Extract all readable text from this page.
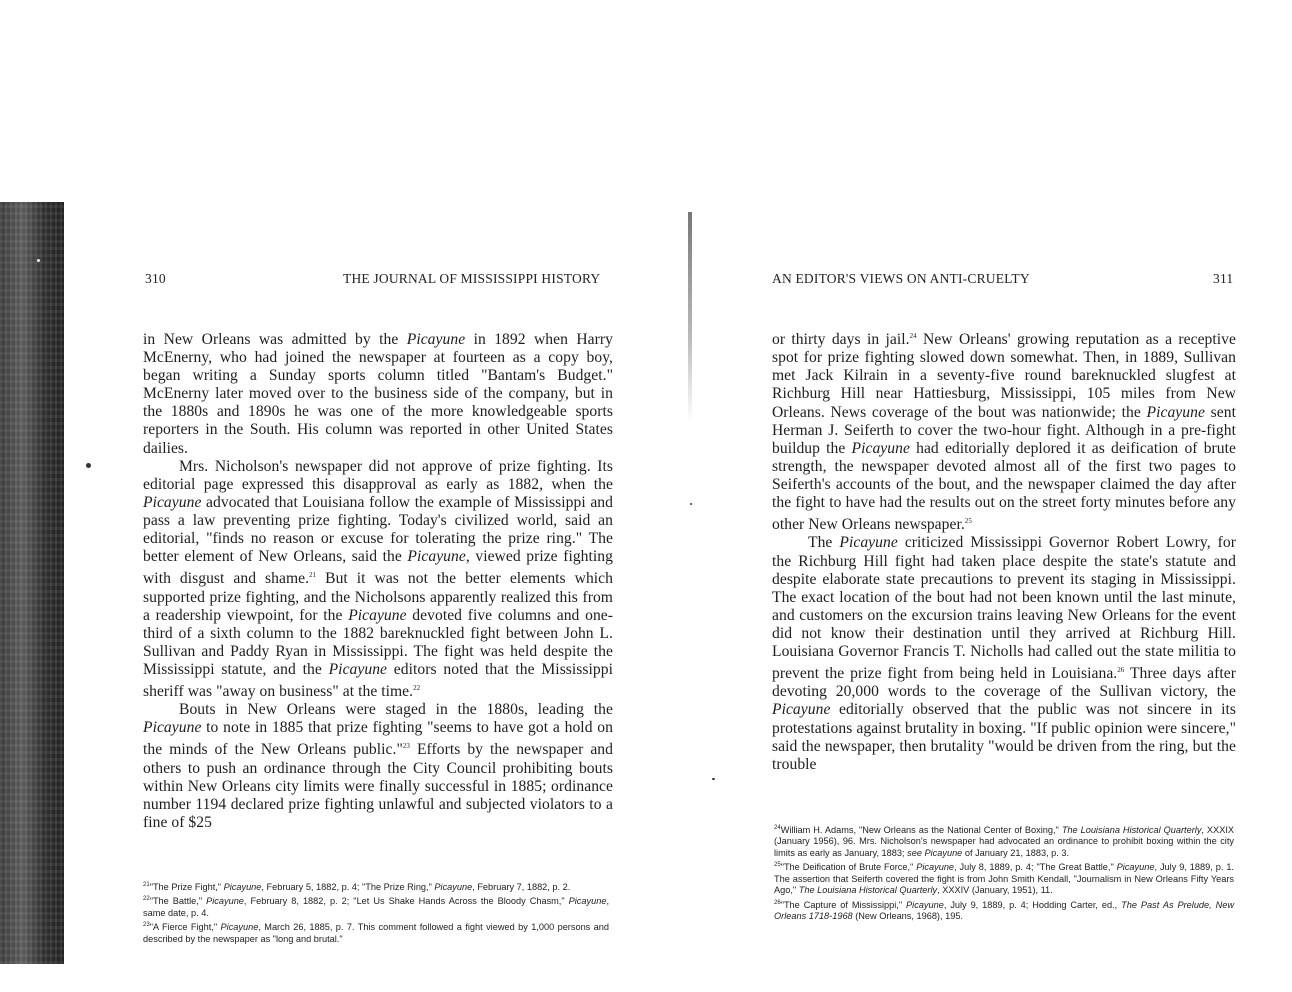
310	THE JOURNAL OF MISSISSIPPI HISTORY

in New Orleans was admitted by the Picayune in 1892 when Harry McEnerny, who had joined the newspaper at fourteen as a copy boy, began writing a Sunday sports column titled "Bantam's Budget." McEnerny later moved over to the business side of the company, but in the 1880s and 1890s he was one of the more knowledgeable sports reporters in the South. His column was reported in other United States dailies.

Mrs. Nicholson's newspaper did not approve of prize fighting. Its editorial page expressed this disapproval as early as 1882, when the Picayune advocated that Louisiana follow the example of Mississippi and pass a law preventing prize fighting. Today's civilized world, said an editorial, "finds no reason or excuse for tolerating the prize ring." The better element of New Orleans, said the Picayune, viewed prize fighting with disgust and shame.$^{21}$ But it was not the better elements which supported prize fighting, and the Nicholsons apparently realized this from a readership viewpoint, for the Picayune devoted five columns and one-third of a sixth column to the 1882 bareknuckled fight between John L. Sullivan and Paddy Ryan in Mississippi. The fight was held despite the Mississippi statute, and the Picayune editors noted that the Mississippi sheriff was "away on business" at the time.$^{22}$

Bouts in New Orleans were staged in the 1880s, leading the Picayune to note in 1885 that prize fighting "seems to have got a hold on the minds of the New Orleans public."$^{23}$ Efforts by the newspaper and others to push an ordinance through the City Council prohibiting bouts within New Orleans city limits were finally successful in 1885; ordinance number 1194 declared prize fighting unlawful and subjected violators to a fine of $25

$^{21}$"The Prize Fight," Picayune, February 5, 1882, p. 4; "The Prize Ring," Picayune, February 7, 1882, p. 2.

$^{22}$"The Battle," Picayune, February 8, 1882, p. 2; "Let Us Shake Hands Across the Bloody Chasm," Picayune, same date, p. 4.

$^{23}$"A Fierce Fight," Picayune, March 26, 1885, p. 7. This comment followed a fight viewed by 1,000 persons and described by the newspaper as "long and brutal."

AN EDITOR'S VIEWS ON ANTI-CRUELTY	311

or thirty days in jail.$^{24}$ New Orleans' growing reputation as a receptive spot for prize fighting slowed down somewhat. Then, in 1889, Sullivan met Jack Kilrain in a seventy-five round bareknuckled slugfest at Richburg Hill near Hattiesburg, Mississippi, 105 miles from New Orleans. News coverage of the bout was nationwide; the Picayune sent Herman J. Seiferth to cover the two-hour fight. Although in a pre-fight buildup the Picayune had editorially deplored it as deification of brute strength, the newspaper devoted almost all of the first two pages to Seiferth's accounts of the bout, and the newspaper claimed the day after the fight to have had the results out on the street forty minutes before any other New Orleans newspaper.$^{25}$

The Picayune criticized Mississippi Governor Robert Lowry, for the Richburg Hill fight had taken place despite the state's statute and despite elaborate state precautions to prevent its staging in Mississippi. The exact location of the bout had not been known until the last minute, and customers on the excursion trains leaving New Orleans for the event did not know their destination until they arrived at Richburg Hill. Louisiana Governor Francis T. Nicholls had called out the state militia to prevent the prize fight from being held in Louisiana.$^{26}$ Three days after devoting 20,000 words to the coverage of the Sullivan victory, the Picayune editorially observed that the public was not sincere in its protestations against brutality in boxing. "If public opinion were sincere," said the newspaper, then brutality "would be driven from the ring, but the trouble

$^{24}$William H. Adams, "New Orleans as the National Center of Boxing," The Louisiana Historical Quarterly, XXXIX (January 1956), 96. Mrs. Nicholson's newspaper had advocated an ordinance to prohibit boxing within the city limits as early as January, 1883; see Picayune of January 21, 1883, p. 3.

$^{25}$"The Deification of Brute Force," Picayune, July 8, 1889, p. 4; "The Great Battle," Picayune, July 9, 1889, p. 1. The assertion that Seiferth covered the fight is from John Smith Kendall, "Journalism in New Orleans Fifty Years Ago," The Louisiana Historical Quarterly, XXXIV (January, 1951), 11.

$^{26}$"The Capture of Mississippi," Picayune, July 9, 1889, p. 4; Hodding Carter, ed., The Past As Prelude, New Orleans 1718-1968 (New Orleans, 1968), 195.
